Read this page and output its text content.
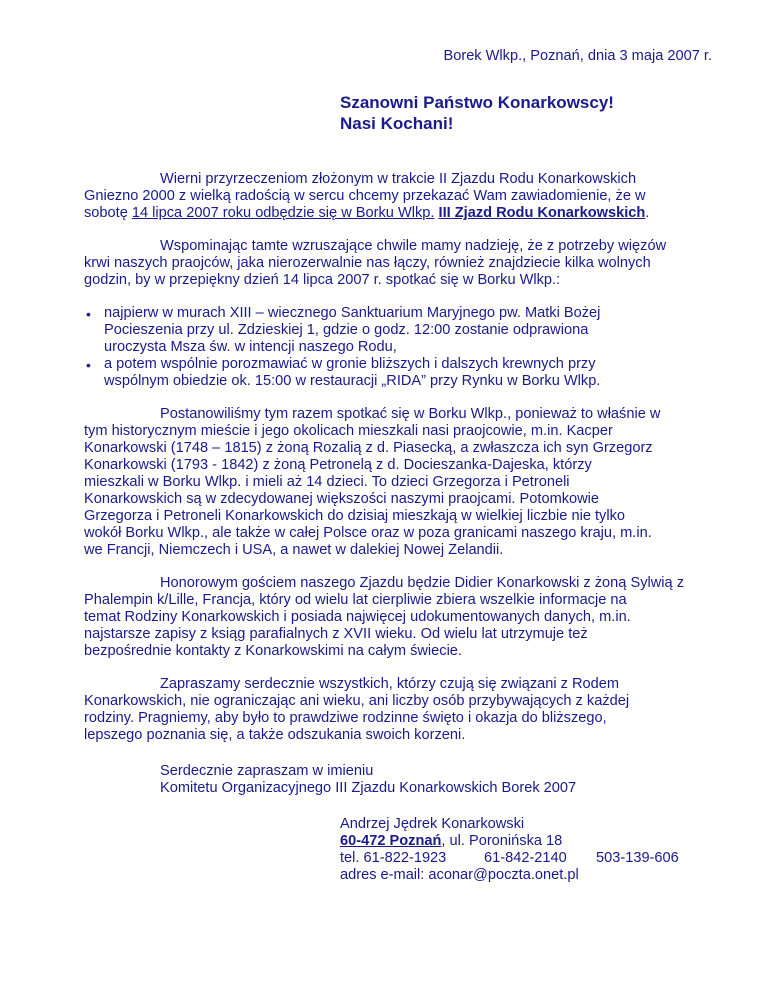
Borek Wlkp., Poznań, dnia 3 maja 2007 r.
Szanowni Państwo Konarkowscy!
Nasi Kochani!
Wierni przyrzeczeniom złożonym w trakcie II Zjazdu Rodu Konarkowskich
Gniezno 2000 z wielką radością w sercu chcemy przekazać Wam zawiadomienie, że w
sobotę 14 lipca 2007 roku odbędzie się w Borku Wlkp. III Zjazd Rodu Konarkowskich.
Wspominając tamte wzruszające chwile mamy nadzieję, że z potrzeby więzów
krwi naszych praojców, jaka nierozerwalnie nas łączy, również znajdziecie kilka wolnych
godzin, by w przepiękny dzień 14 lipca 2007 r. spotkać się w Borku Wlkp.:
• najpierw w murach XIII – wiecznego Sanktuarium Maryjnego pw. Matki Bożej
Pocieszenia przy ul. Zdzieskiej 1, gdzie o godz. 12:00 zostanie odprawiona
uroczysta Msza św. w intencji naszego Rodu,
• a potem wspólnie porozmawiać w gronie bliższych i dalszych krewnych przy
wspólnym obiedzie ok. 15:00 w restauracji „RIDA” przy Rynku w Borku Wlkp.
Postanowiliśmy tym razem spotkać się w Borku Wlkp., ponieważ to właśnie w
tym historycznym mieście i jego okolicach mieszkali nasi praojcowie, m.in. Kacper
Konarkowski (1748 – 1815) z żoną Rozalią z d. Piasecką, a zwłaszcza ich syn Grzegorz
Konarkowski (1793 - 1842) z żoną Petronelą z d. Docieszanka-Dajeska, którzy
mieszkali w Borku Wlkp. i mieli aż 14 dzieci. To dzieci Grzegorza i Petroneli
Konarkowskich są w zdecydowanej większości naszymi praojcami. Potomkowie
Grzegorza i Petroneli Konarkowskich do dzisiaj mieszkają w wielkiej liczbie nie tylko
wokół Borku Wlkp., ale także w całej Polsce oraz w poza granicami naszego kraju, m.in.
we Francji, Niemczech i USA, a nawet w dalekiej Nowej Zelandii.
Honorowym gościem naszego Zjazdu będzie Didier Konarkowski z żoną Sylwią z
Phalempin k/Lille, Francja, który od wielu lat cierpliwie zbiera wszelkie informacje na
temat Rodziny Konarkowskich i posiada najwięcej udokumentowanych danych, m.in.
najstarsze zapisy z ksiąg parafialnych z XVII wieku. Od wielu lat utrzymuje też
bezpośrednie kontakty z Konarkowskimi na całym świecie.
Zapraszamy serdecznie wszystkich, którzy czują się związani z Rodem
Konarkowskich, nie ograniczając ani wieku, ani liczby osób przybywających z każdej
rodziny. Pragniemy, aby było to prawdziwe rodzinne święto i okazja do bliższego,
lepszego poznania się, a także odszukania swoich korzeni.
Serdecznie zapraszam w imieniu
Komitetu Organizacyjnego III Zjazdu Konarkowskich Borek 2007
Andrzej Jędrek Konarkowski
60-472 Poznań, ul. Poronińska 18
tel. 61-822-1923	61-842-2140 503-139-606
adres e-mail: aconar@poczta.onet.pl
